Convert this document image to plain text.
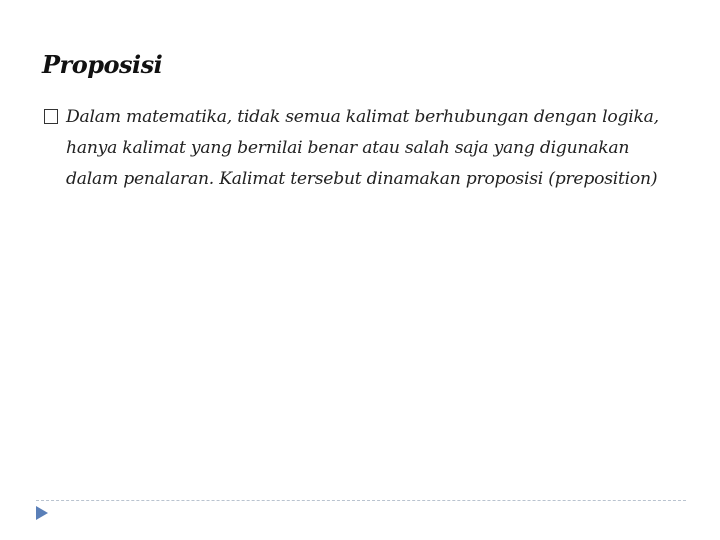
Proposisi
Dalam matematika, tidak semua kalimat berhubungan dengan logika, hanya kalimat yang bernilai benar atau salah saja yang digunakan dalam penalaran. Kalimat tersebut dinamakan proposisi (preposition)
